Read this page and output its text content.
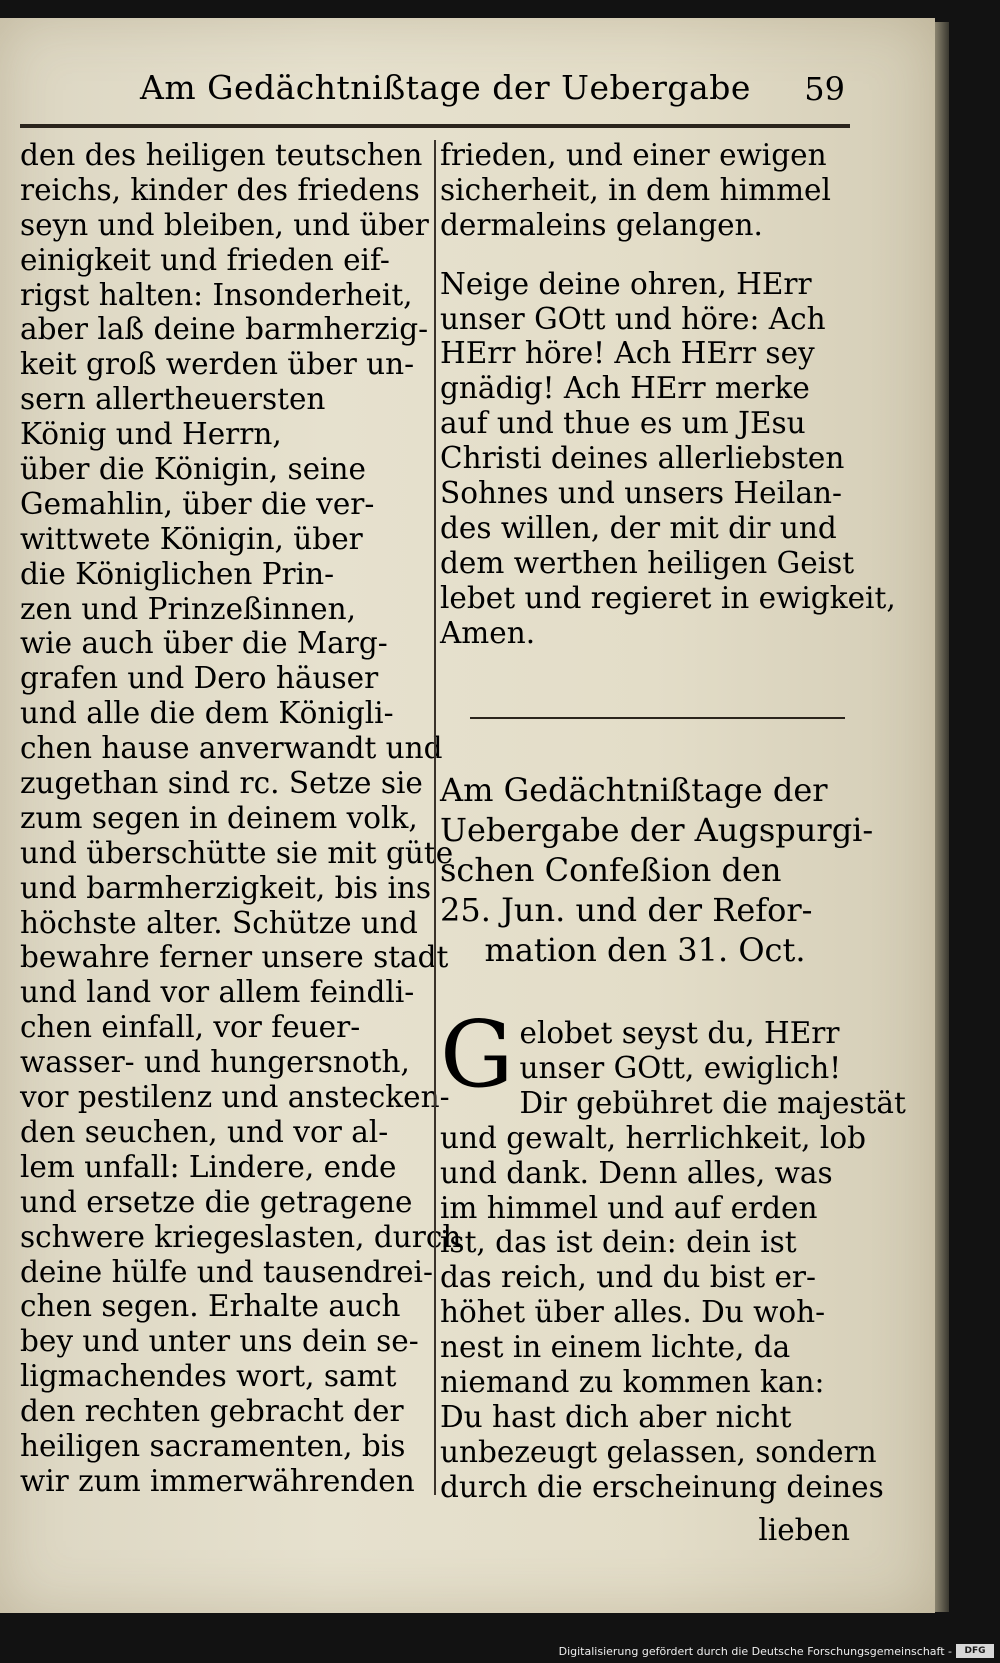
Am Gedächtnißtage der Uebergabe 59
den des heiligen teutschen
reichs, kinder des friedens
seyn und bleiben, und über
einigkeit und frieden eif-
rigst halten: Insonderheit,
aber laß deine barmherzig-
keit groß werden über un-
sern allertheuersten
König und Herrn,
über die Königin, seine
Gemahlin, über die ver-
wittwete Königin, über
die Königlichen Prin-
zen und Prinzeßinnen,
wie auch über die Marg-
grafen und Dero häuser
und alle die dem Königli-
chen hause anverwandt und
zugethan sind rc. Setze sie
zum segen in deinem volk,
und überschütte sie mit güte
und barmherzigkeit, bis ins
höchste alter. Schütze und
bewahre ferner unsere stadt
und land vor allem feindli-
chen einfall, vor feuer-
wasser- und hungersnoth,
vor pestilenz und anstecken-
den seuchen, und vor al-
lem unfall: Lindere, ende
und ersetze die getragene
schwere kriegeslasten, durch
deine hülfe und tausendrei-
chen segen. Erhalte auch
bey und unter uns dein se-
ligmachendes wort, samt
den rechten gebracht der
heiligen sacramenten, bis
wir zum immerwährenden
frieden, und einer ewigen
sicherheit, in dem himmel
dermaleins gelangen.
Neige deine ohren, HErr
unser GOtt und höre: Ach
HErr höre! Ach HErr sey
gnädig! Ach HErr merke
auf und thue es um JEsu
Christi deines allerliebsten
Sohnes und unsers Heilan-
des willen, der mit dir und
dem werthen heiligen Geist
lebet und regieret in ewigkeit,
Amen.
Am Gedächtnißtage der
Uebergabe der Augspurgi-
schen Confeßion den
25. Jun. und der Refor-
mation den 31. Oct.
G elobet seyst du, HErr
unser GOtt, ewiglich!
Dir gebühret die majestät
und gewalt, herrlichkeit, lob
und dank. Denn alles, was
im himmel und auf erden
ist, das ist dein: dein ist
das reich, und du bist er-
höhet über alles. Du woh-
nest in einem lichte, da
niemand zu kommen kan:
Du hast dich aber nicht
unbezeugt gelassen, sondern
durch die erscheinung deines
lieben
Digitalisierung gefördert durch die Deutsche Forschungsgemeinschaft -	DFG
